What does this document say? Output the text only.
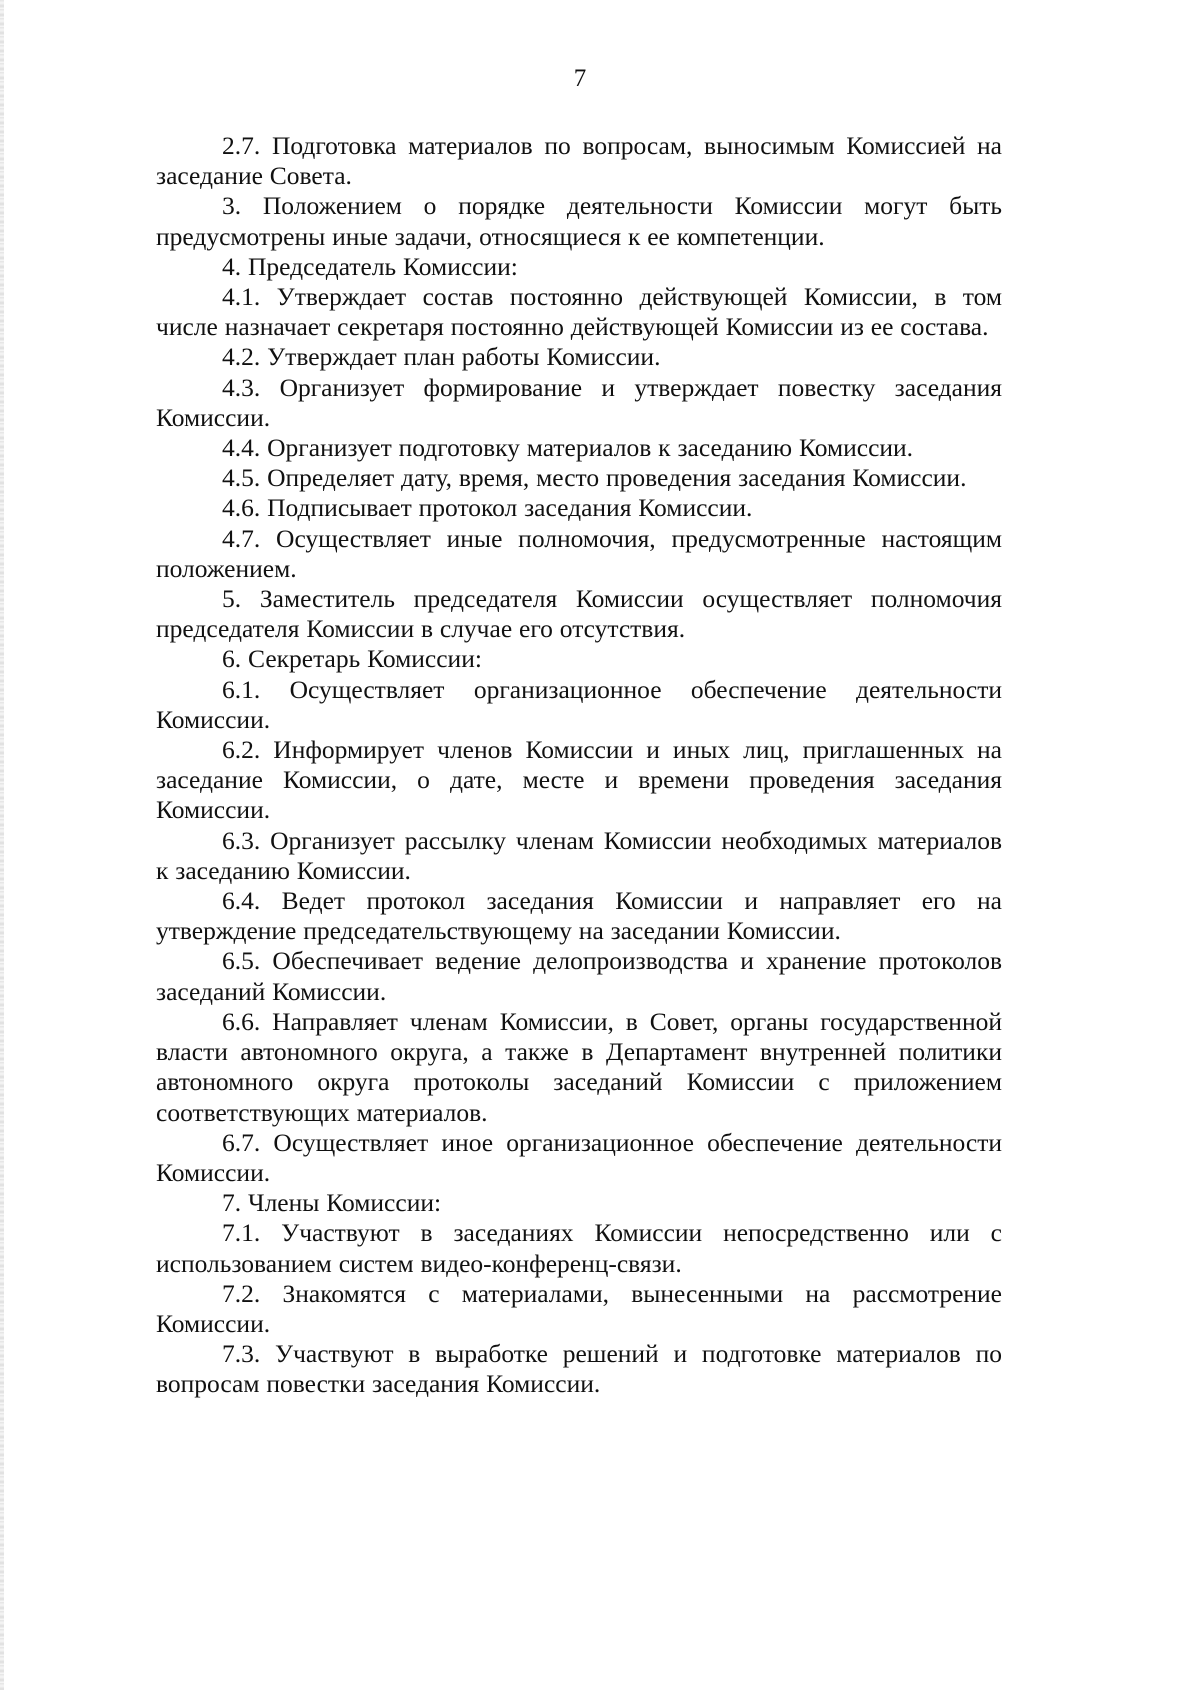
7

2.7. Подготовка материалов по вопросам, выносимым Комиссией на заседание Совета.

3. Положением о порядке деятельности Комиссии могут быть предусмотрены иные задачи, относящиеся к ее компетенции.

4. Председатель Комиссии:

4.1. Утверждает состав постоянно действующей Комиссии, в том числе назначает секретаря постоянно действующей Комиссии из ее состава.

4.2. Утверждает план работы Комиссии.

4.3. Организует формирование и утверждает повестку заседания Комиссии.

4.4. Организует подготовку материалов к заседанию Комиссии.

4.5. Определяет дату, время, место проведения заседания Комиссии.

4.6. Подписывает протокол заседания Комиссии.

4.7. Осуществляет иные полномочия, предусмотренные настоящим положением.

5. Заместитель председателя Комиссии осуществляет полномочия председателя Комиссии в случае его отсутствия.

6. Секретарь Комиссии:

6.1. Осуществляет организационное обеспечение деятельности Комиссии.

6.2. Информирует членов Комиссии и иных лиц, приглашенных на заседание Комиссии, о дате, месте и времени проведения заседания Комиссии.

6.3. Организует рассылку членам Комиссии необходимых материалов к заседанию Комиссии.

6.4. Ведет протокол заседания Комиссии и направляет его на утверждение председательствующему на заседании Комиссии.

6.5. Обеспечивает ведение делопроизводства и хранение протоколов заседаний Комиссии.

6.6. Направляет членам Комиссии, в Совет, органы государственной власти автономного округа, а также в Департамент внутренней политики автономного округа протоколы заседаний Комиссии с приложением соответствующих материалов.

6.7. Осуществляет иное организационное обеспечение деятельности Комиссии.

7. Члены Комиссии:

7.1. Участвуют в заседаниях Комиссии непосредственно или с использованием систем видео-конференц-связи.

7.2. Знакомятся с материалами, вынесенными на рассмотрение Комиссии.

7.3. Участвуют в выработке решений и подготовке материалов по вопросам повестки заседания Комиссии.
